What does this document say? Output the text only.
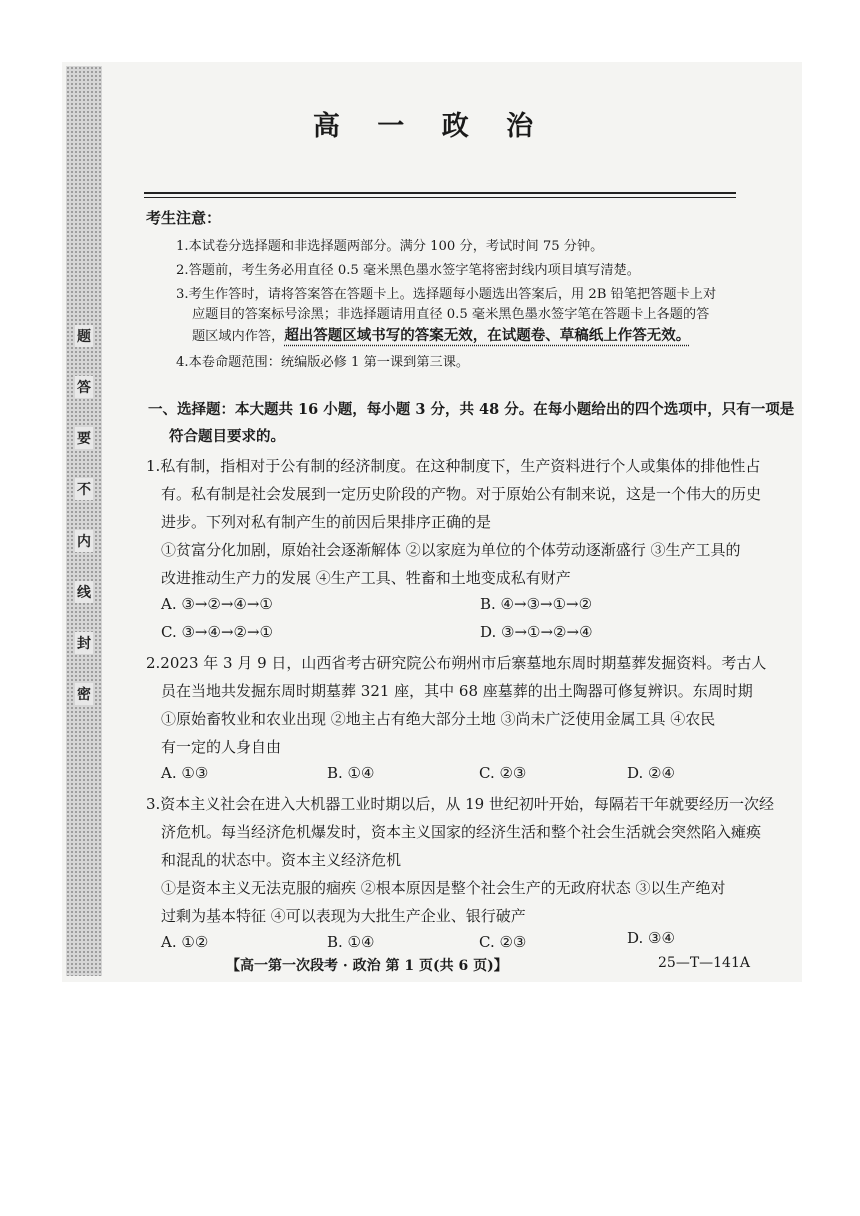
题
答
要
不
内
线
封
密
高 一 政 治
考生注意：
1.本试卷分选择题和非选择题两部分。满分 100 分，考试时间 75 分钟。
2.答题前，考生务必用直径 0.5 毫米黑色墨水签字笔将密封线内项目填写清楚。
3.考生作答时，请将答案答在答题卡上。选择题每小题选出答案后，用 2B 铅笔把答题卡上对
应题目的答案标号涂黑；非选择题请用直径 0.5 毫米黑色墨水签字笔在答题卡上各题的答
题区域内作答，超出答题区域书写的答案无效，在试题卷、草稿纸上作答无效。
4.本卷命题范围：统编版必修 1 第一课到第三课。
一、选择题：本大题共 16 小题，每小题 3 分，共 48 分。在每小题给出的四个选项中，只有一项是
符合题目要求的。
1.私有制，指相对于公有制的经济制度。在这种制度下，生产资料进行个人或集体的排他性占
有。私有制是社会发展到一定历史阶段的产物。对于原始公有制来说，这是一个伟大的历史
进步。下列对私有制产生的前因后果排序正确的是
①贫富分化加剧，原始社会逐渐解体 ②以家庭为单位的个体劳动逐渐盛行 ③生产工具的
改进推动生产力的发展 ④生产工具、牲畜和土地变成私有财产
A. ③→②→④→①	B. ④→③→①→②
C. ③→④→②→①	D. ③→①→②→④
2.2023 年 3 月 9 日，山西省考古研究院公布朔州市后寨墓地东周时期墓葬发掘资料。考古人
员在当地共发掘东周时期墓葬 321 座，其中 68 座墓葬的出土陶器可修复辨识。东周时期
①原始畜牧业和农业出现 ②地主占有绝大部分土地 ③尚未广泛使用金属工具 ④农民
有一定的人身自由
A. ①③	B. ①④	C. ②③	D. ②④
3.资本主义社会在进入大机器工业时期以后，从 19 世纪初叶开始，每隔若干年就要经历一次经
济危机。每当经济危机爆发时，资本主义国家的经济生活和整个社会生活就会突然陷入瘫痪
和混乱的状态中。资本主义经济危机
①是资本主义无法克服的痼疾 ②根本原因是整个社会生产的无政府状态 ③以生产绝对
过剩为基本特征 ④可以表现为大批生产企业、银行破产
A. ①②	B. ①④	C. ②③	D. ③④
【高一第一次段考 · 政治 第 1 页(共 6 页)】	25—T—141A
